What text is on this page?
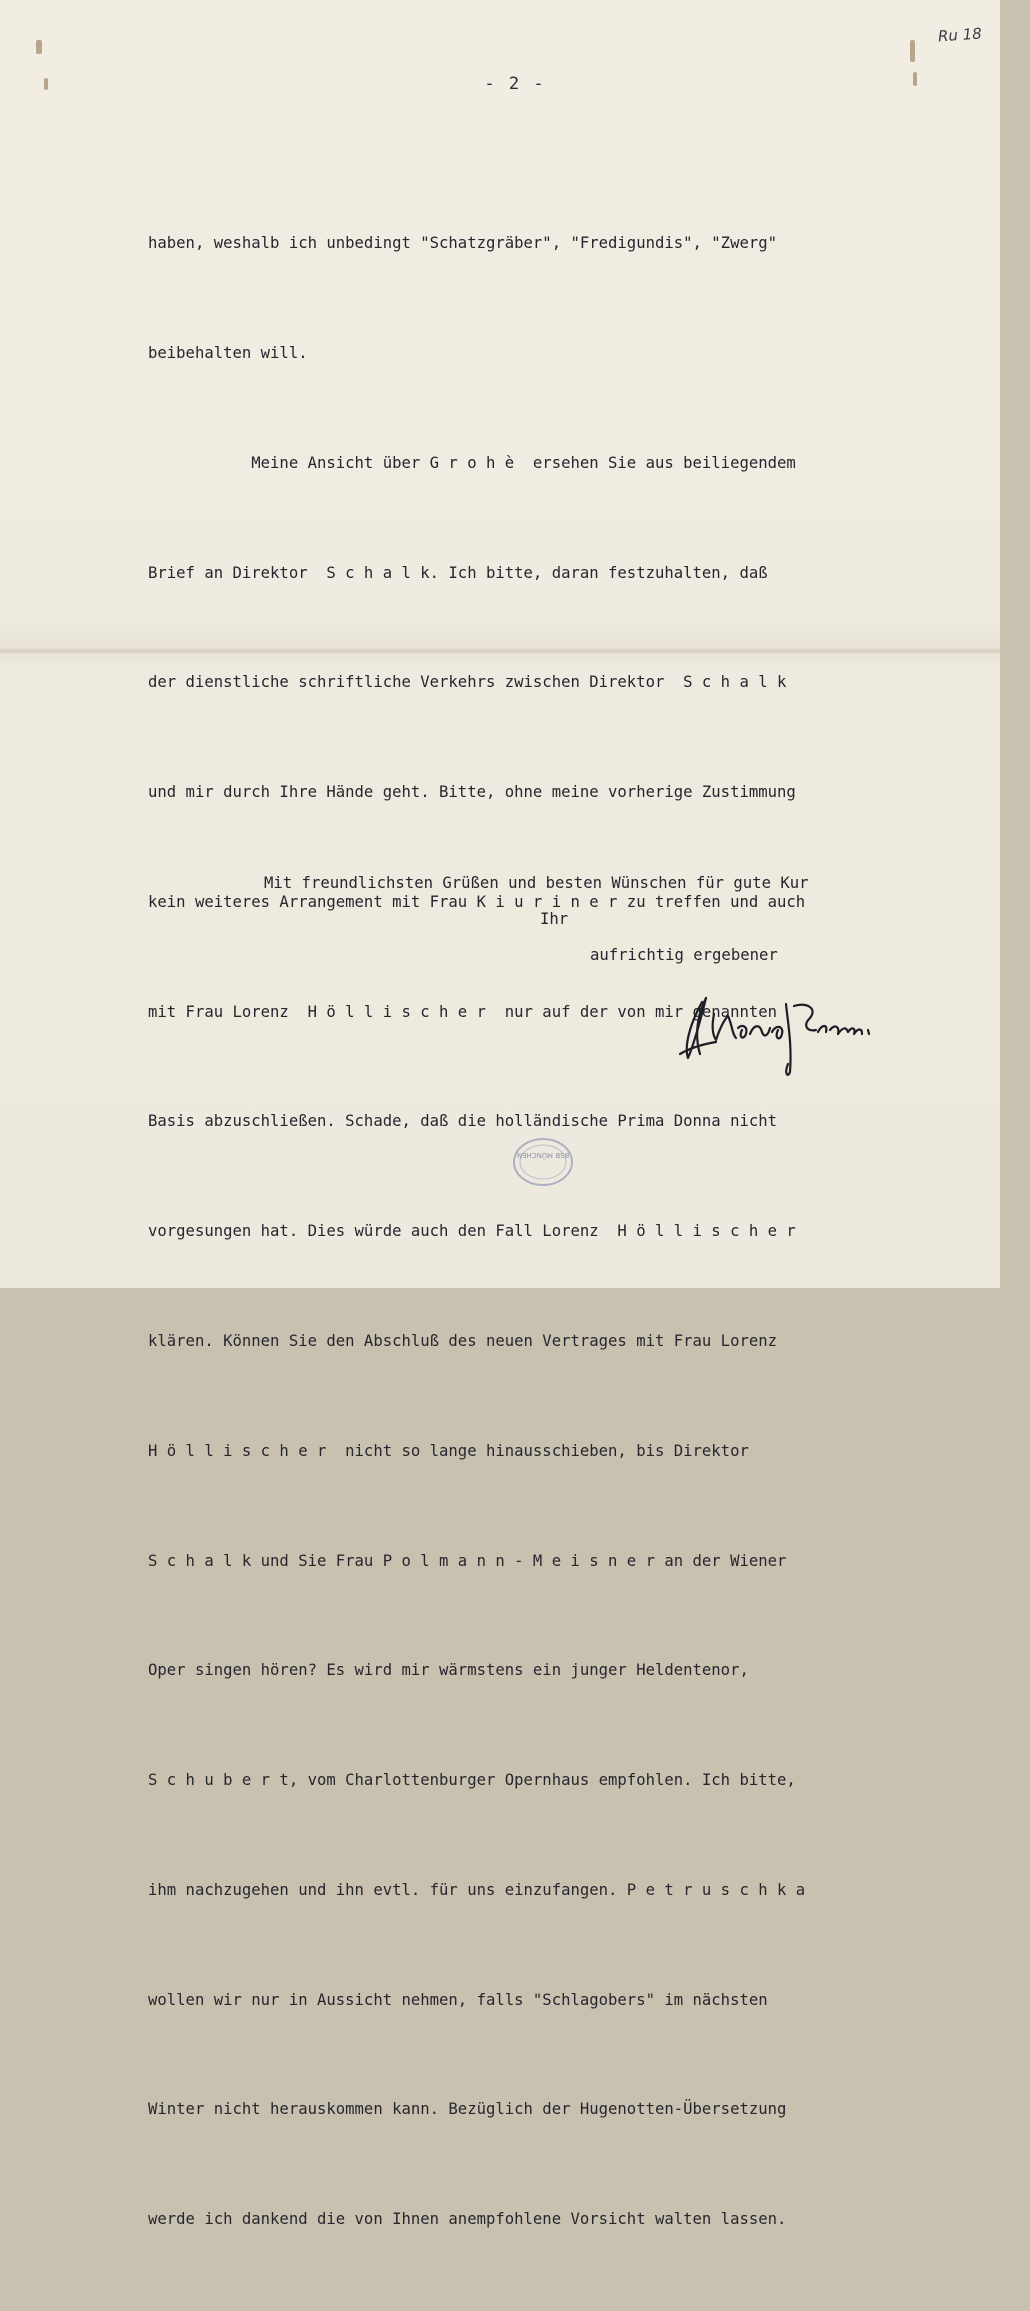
Ru 18
- 2 -

haben, weshalb ich unbedingt "Schatzgräber", "Fredigundis", "Zwerg"

beibehalten will.

Meine Ansicht über G r o h è  ersehen Sie aus beiliegendem

Brief an Direktor  S c h a l k. Ich bitte, daran festzuhalten, daß

der dienstliche schriftliche Verkehrs zwischen Direktor  S c h a l k

und mir durch Ihre Hände geht. Bitte, ohne meine vorherige Zustimmung

kein weiteres Arrangement mit Frau K i u r i n e r zu treffen und auch

mit Frau Lorenz  H ö l l i s c h e r  nur auf der von mir genannten

Basis abzuschließen. Schade, daß die holländische Prima Donna nicht

vorgesungen hat. Dies würde auch den Fall Lorenz  H ö l l i s c h e r

klären. Können Sie den Abschluß des neuen Vertrages mit Frau Lorenz

H ö l l i s c h e r  nicht so lange hinausschieben, bis Direktor

S c h a l k und Sie Frau P o l m a n n - M e i s n e r an der Wiener

Oper singen hören? Es wird mir wärmstens ein junger Heldentenor,

S c h u b e r t, vom Charlottenburger Opernhaus empfohlen. Ich bitte,

ihm nachzugehen und ihn evtl. für uns einzufangen. P e t r u s c h k a

wollen wir nur in Aussicht nehmen, falls "Schlagobers" im nächsten

Winter nicht herauskommen kann. Bezüglich der Hugenotten-Übersetzung

werde ich dankend die von Ihnen anempfohlene Vorsicht walten lassen.

Mit freundlichsten Grüßen und besten Wünschen für gute Kur
Ihr
aufrichtig ergebener
BSB MÜNCHEN
